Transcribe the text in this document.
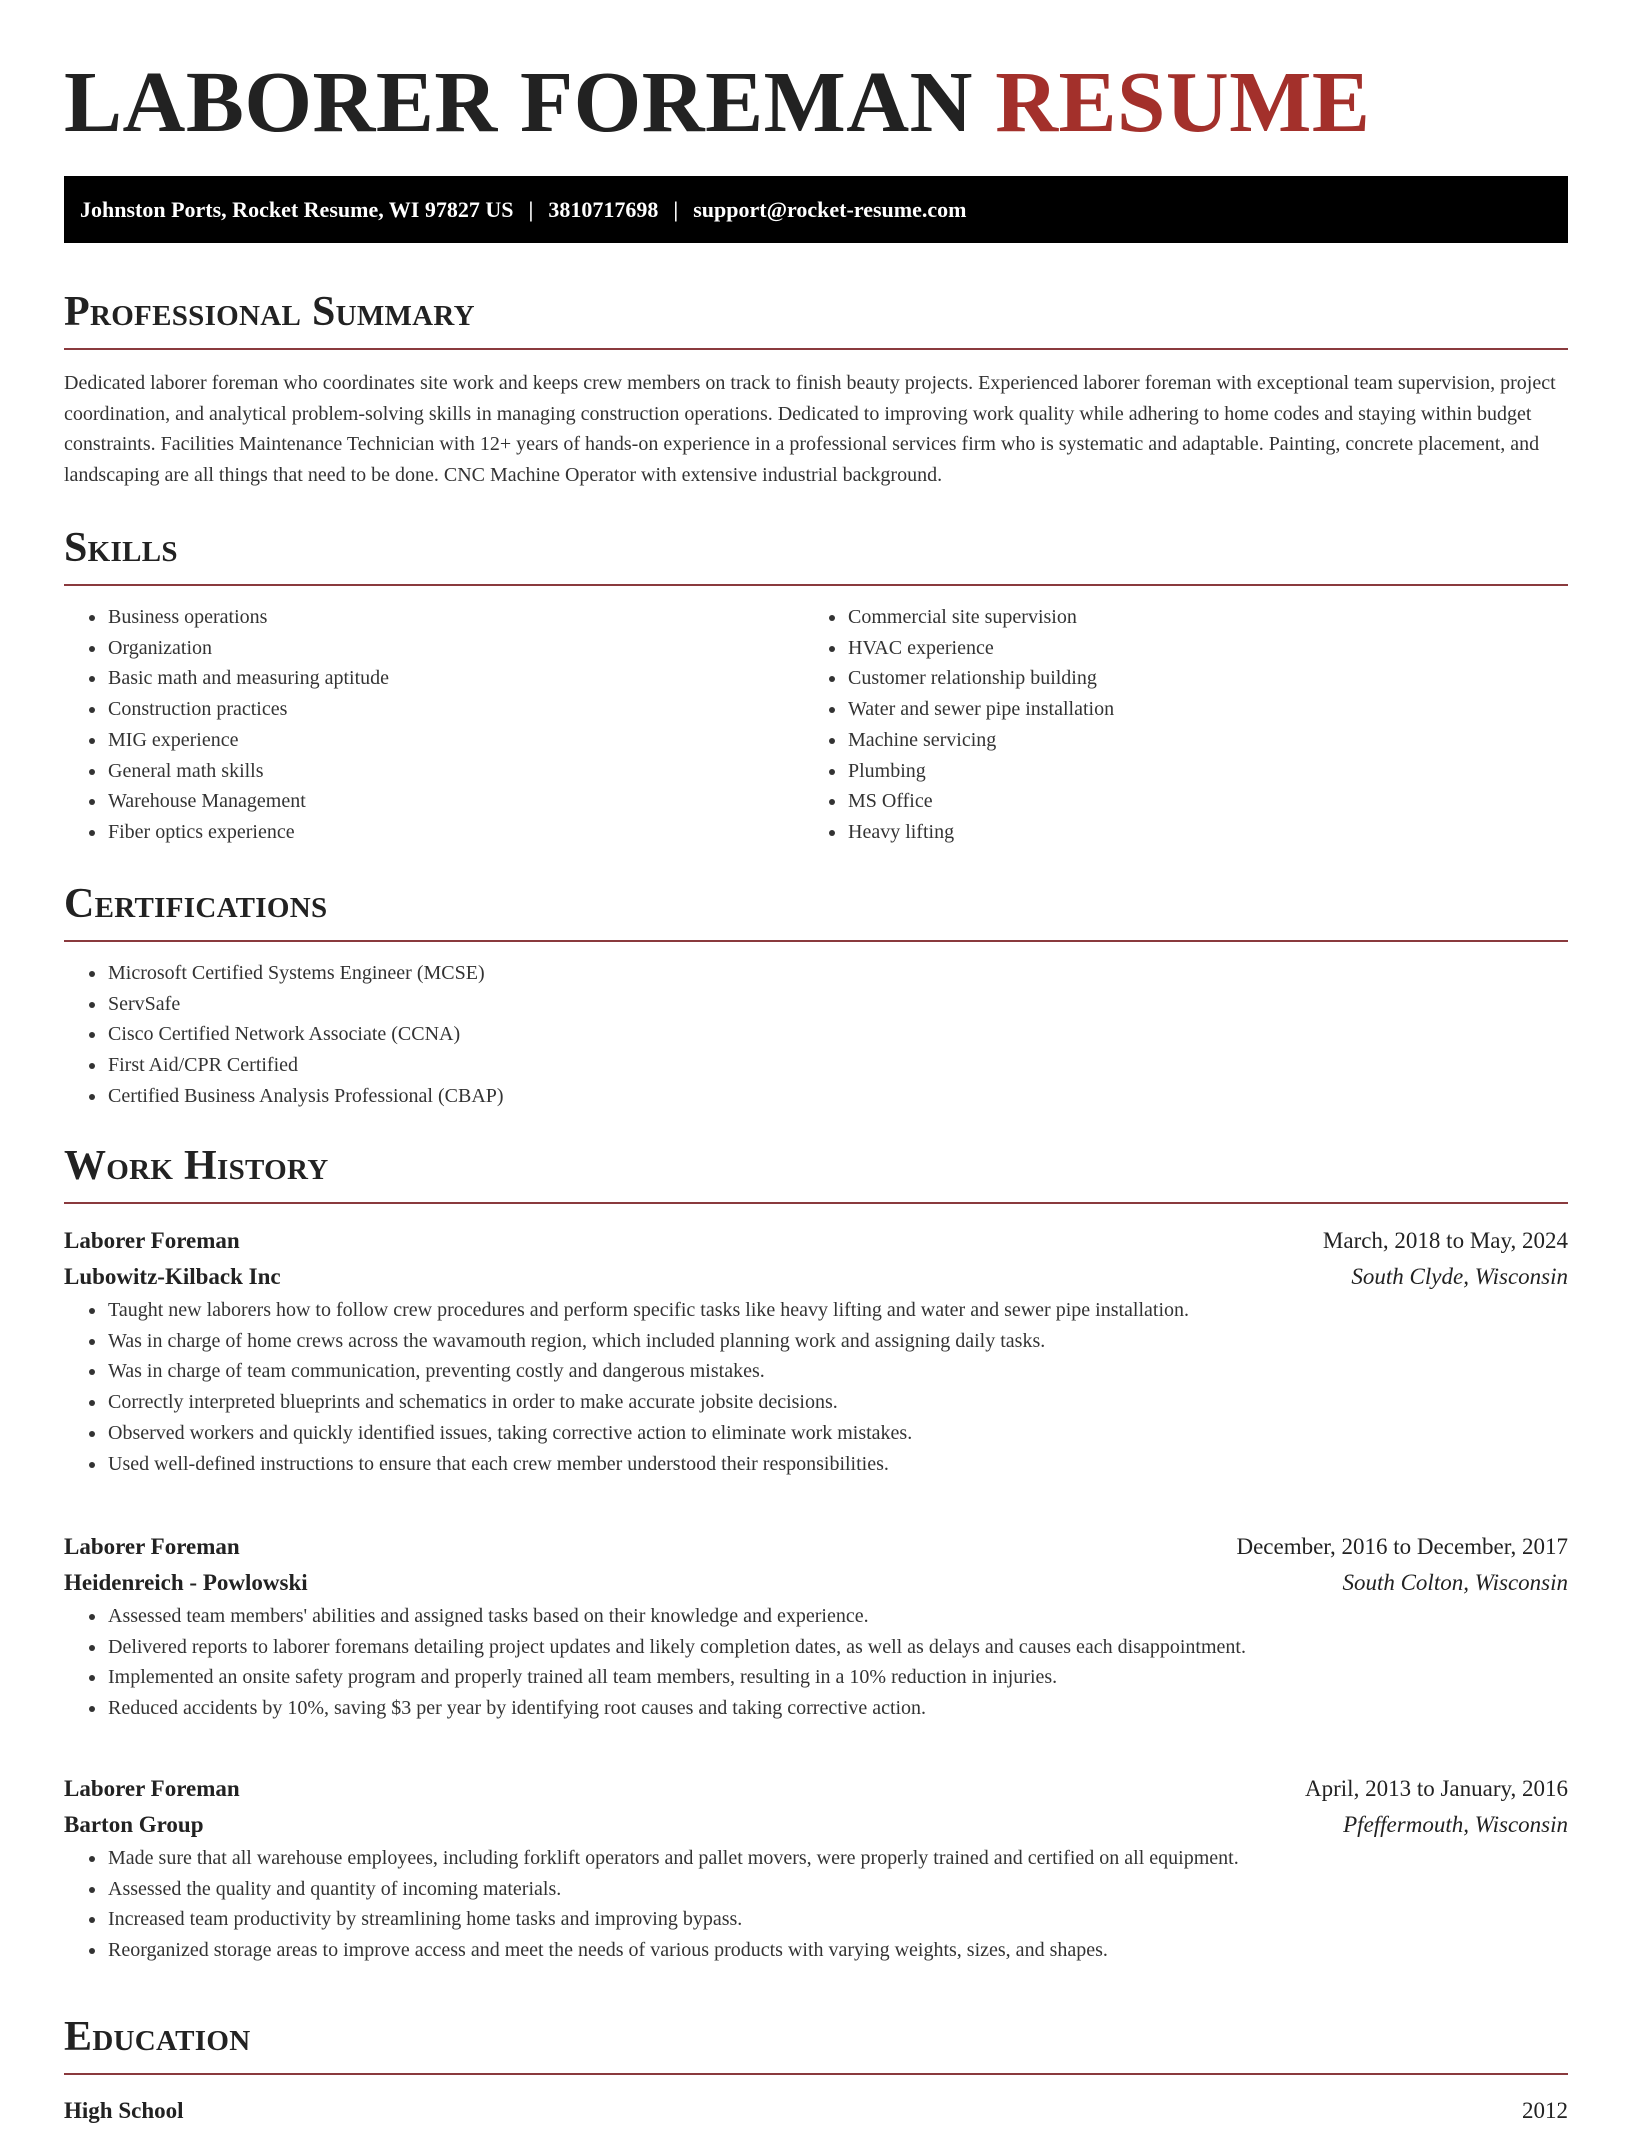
LABORER FOREMAN RESUME
Johnston Ports, Rocket Resume, WI 97827 US | 3810717698 | support@rocket-resume.com
Professional Summary

Dedicated laborer foreman who coordinates site work and keeps crew members on track to finish beauty projects. Experienced laborer foreman with exceptional team supervision, project coordination, and analytical problem-solving skills in managing construction operations. Dedicated to improving work quality while adhering to home codes and staying within budget constraints. Facilities Maintenance Technician with 12+ years of hands-on experience in a professional services firm who is systematic and adaptable. Painting, concrete placement, and landscaping are all things that need to be done. CNC Machine Operator with extensive industrial background.

Skills
• Business operations
• Organization
• Basic math and measuring aptitude
• Construction practices
• MIG experience
• General math skills
• Warehouse Management
• Fiber optics experience
• Commercial site supervision
• HVAC experience
• Customer relationship building
• Water and sewer pipe installation
• Machine servicing
• Plumbing
• MS Office
• Heavy lifting
Certifications
• Microsoft Certified Systems Engineer (MCSE)
• ServSafe
• Cisco Certified Network Associate (CCNA)
• First Aid/CPR Certified
• Certified Business Analysis Professional (CBAP)
Work History
Laborer Foreman	March, 2018 to May, 2024
Lubowitz-Kilback Inc	South Clyde, Wisconsin
• Taught new laborers how to follow crew procedures and perform specific tasks like heavy lifting and water and sewer pipe installation.
• Was in charge of home crews across the wavamouth region, which included planning work and assigning daily tasks.
• Was in charge of team communication, preventing costly and dangerous mistakes.
• Correctly interpreted blueprints and schematics in order to make accurate jobsite decisions.
• Observed workers and quickly identified issues, taking corrective action to eliminate work mistakes.
• Used well-defined instructions to ensure that each crew member understood their responsibilities.
Laborer Foreman	December, 2016 to December, 2017
Heidenreich - Powlowski	South Colton, Wisconsin
• Assessed team members' abilities and assigned tasks based on their knowledge and experience.
• Delivered reports to laborer foremans detailing project updates and likely completion dates, as well as delays and causes each disappointment.
• Implemented an onsite safety program and properly trained all team members, resulting in a 10% reduction in injuries.
• Reduced accidents by 10%, saving $3 per year by identifying root causes and taking corrective action.
Laborer Foreman	April, 2013 to January, 2016
Barton Group	Pfeffermouth, Wisconsin
• Made sure that all warehouse employees, including forklift operators and pallet movers, were properly trained and certified on all equipment.
• Assessed the quality and quantity of incoming materials.
• Increased team productivity by streamlining home tasks and improving bypass.
• Reorganized storage areas to improve access and meet the needs of various products with varying weights, sizes, and shapes.
Education
High School	2012
